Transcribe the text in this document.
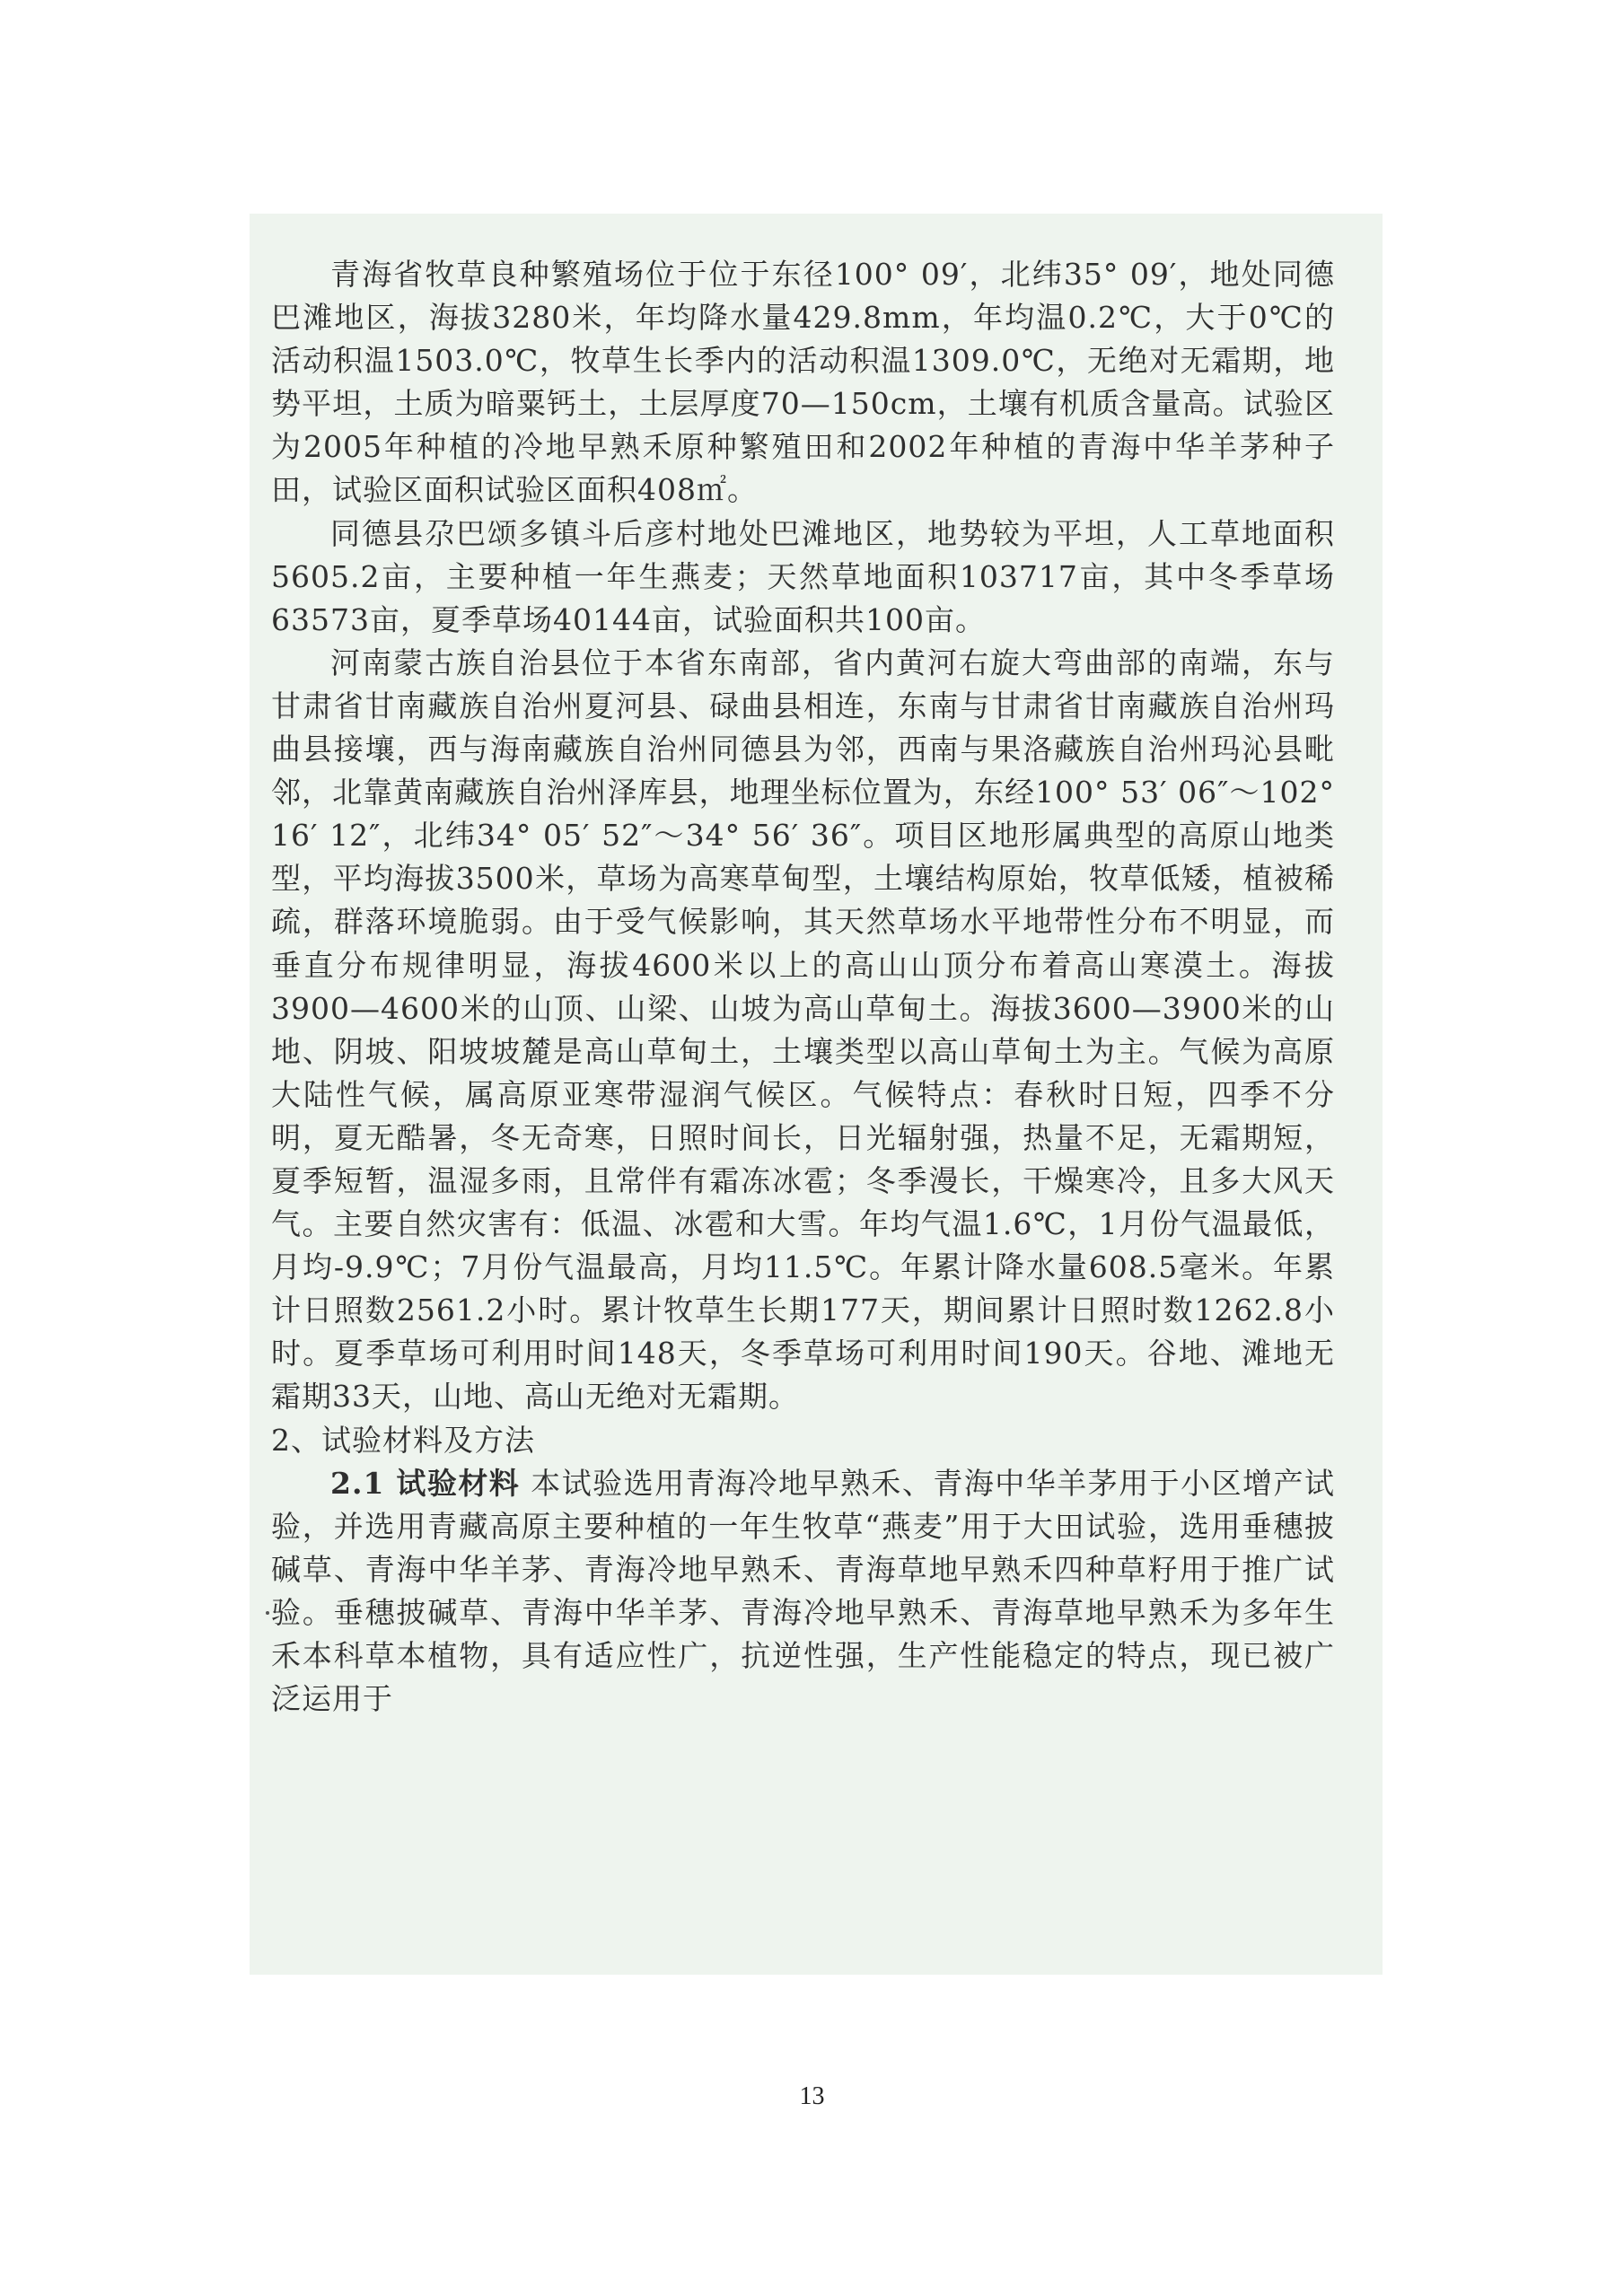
青海省牧草良种繁殖场位于位于东径100° 09′，北纬35° 09′，地处同德巴滩地区，海拔3280米，年均降水量429.8mm，年均温0.2℃，大于0℃的活动积温1503.0℃，牧草生长季内的活动积温1309.0℃，无绝对无霜期，地势平坦，土质为暗粟钙土，土层厚度70—150cm，土壤有机质含量高。试验区为2005年种植的冷地早熟禾原种繁殖田和2002年种植的青海中华羊茅种子田，试验区面积试验区面积408㎡。

同德县尕巴颂多镇斗后彦村地处巴滩地区，地势较为平坦，人工草地面积5605.2亩，主要种植一年生燕麦；天然草地面积103717亩，其中冬季草场63573亩，夏季草场40144亩，试验面积共100亩。

河南蒙古族自治县位于本省东南部，省内黄河右旋大弯曲部的南端，东与甘肃省甘南藏族自治州夏河县、碌曲县相连，东南与甘肃省甘南藏族自治州玛曲县接壤，西与海南藏族自治州同德县为邻，西南与果洛藏族自治州玛沁县毗邻，北靠黄南藏族自治州泽库县，地理坐标位置为，东经100° 53′ 06″～102° 16′ 12″，北纬34° 05′ 52″～34° 56′ 36″。项目区地形属典型的高原山地类型，平均海拔3500米，草场为高寒草甸型，土壤结构原始，牧草低矮，植被稀疏，群落环境脆弱。由于受气候影响，其天然草场水平地带性分布不明显，而垂直分布规律明显，海拔4600米以上的高山山顶分布着高山寒漠土。海拔3900—4600米的山顶、山梁、山坡为高山草甸土。海拔3600—3900米的山地、阴坡、阳坡坡麓是高山草甸土，土壤类型以高山草甸土为主。气候为高原大陆性气候，属高原亚寒带湿润气候区。气候特点：春秋时日短，四季不分明，夏无酷暑，冬无奇寒，日照时间长，日光辐射强，热量不足，无霜期短，夏季短暂，温湿多雨，且常伴有霜冻冰雹；冬季漫长，干燥寒冷，且多大风天气。主要自然灾害有：低温、冰雹和大雪。年均气温1.6℃，1月份气温最低，月均-9.9℃；7月份气温最高，月均11.5℃。年累计降水量608.5毫米。年累计日照数2561.2小时。累计牧草生长期177天，期间累计日照时数1262.8小时。夏季草场可利用时间148天，冬季草场可利用时间190天。谷地、滩地无霜期33天，山地、高山无绝对无霜期。

2、试验材料及方法

2.1 试验材料 本试验选用青海冷地早熟禾、青海中华羊茅用于小区增产试验，并选用青藏高原主要种植的一年生牧草“燕麦”用于大田试验，选用垂穗披碱草、青海中华羊茅、青海冷地早熟禾、青海草地早熟禾四种草籽用于推广试验。垂穗披碱草、青海中华羊茅、青海冷地早熟禾、青海草地早熟禾为多年生禾本科草本植物，具有适应性广，抗逆性强，生产性能稳定的特点，现已被广泛运用于

13
